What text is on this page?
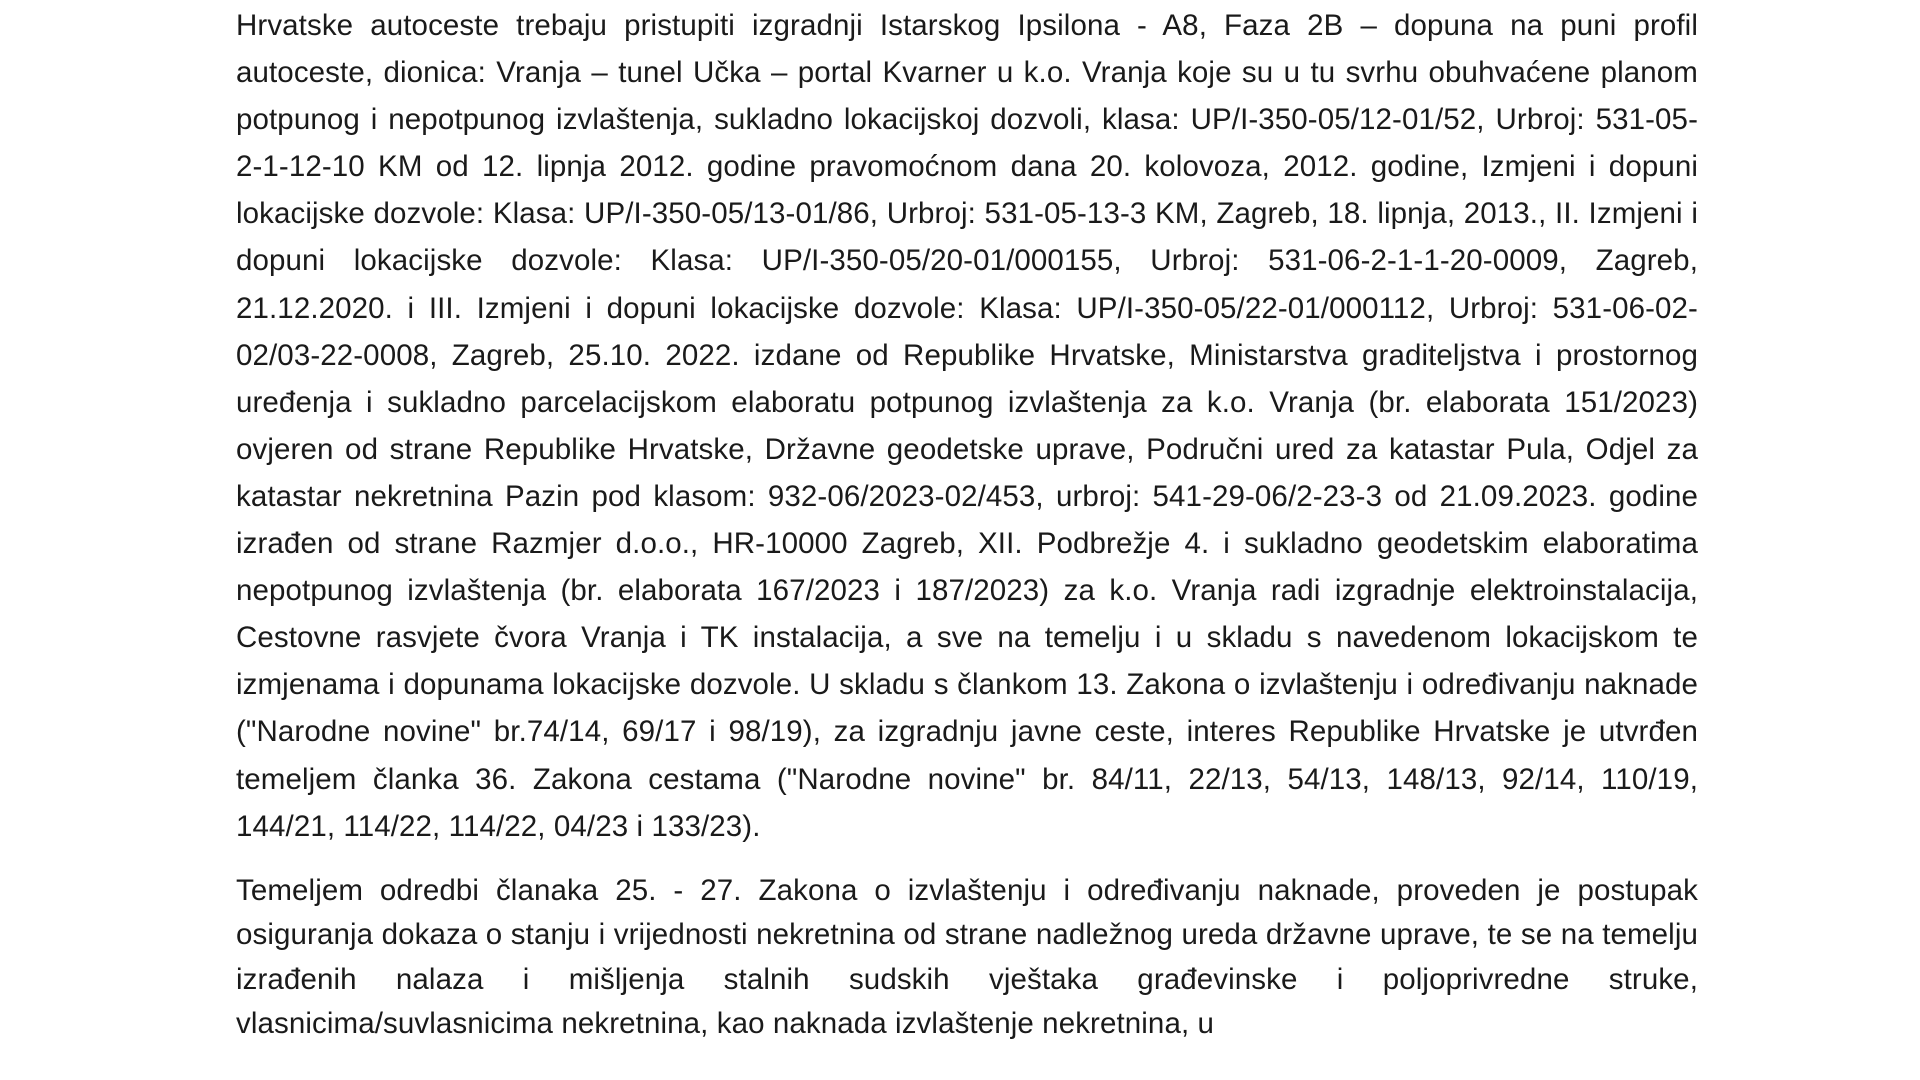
Hrvatske autoceste trebaju pristupiti izgradnji Istarskog Ipsilona - A8, Faza 2B – dopuna na puni profil autoceste, dionica: Vranja – tunel Učka – portal Kvarner u k.o. Vranja koje su u tu svrhu obuhvaćene planom potpunog i nepotpunog izvlaštenja, sukladno lokacijskoj dozvoli, klasa: UP/I-350-05/12-01/52, Urbroj: 531-05-2-1-12-10 KM od 12. lipnja 2012. godine pravomoćnom dana 20. kolovoza, 2012. godine, Izmjeni i dopuni lokacijske dozvole: Klasa: UP/I-350-05/13-01/86, Urbroj: 531-05-13-3 KM, Zagreb, 18. lipnja, 2013., II. Izmjeni i dopuni lokacijske dozvole: Klasa: UP/I-350-05/20-01/000155, Urbroj: 531-06-2-1-1-20-0009, Zagreb, 21.12.2020. i III. Izmjeni i dopuni lokacijske dozvole: Klasa: UP/I-350-05/22-01/000112, Urbroj: 531-06-02-02/03-22-0008, Zagreb, 25.10. 2022. izdane od Republike Hrvatske, Ministarstva graditeljstva i prostornog uređenja i sukladno parcelacijskom elaboratu potpunog izvlaštenja za k.o. Vranja (br. elaborata 151/2023) ovjeren od strane Republike Hrvatske, Državne geodetske uprave, Područni ured za katastar Pula, Odjel za katastar nekretnina Pazin pod klasom: 932-06/2023-02/453, urbroj: 541-29-06/2-23-3 od 21.09.2023. godine izrađen od strane Razmjer d.o.o., HR-10000 Zagreb, XII. Podbrežje 4. i sukladno geodetskim elaboratima nepotpunog izvlaštenja (br. elaborata 167/2023 i 187/2023) za k.o. Vranja radi izgradnje elektroinstalacija, Cestovne rasvjete čvora Vranja i TK instalacija, a sve na temelju i u skladu s navedenom lokacijskom te izmjenama i dopunama lokacijske dozvole. U skladu s člankom 13. Zakona o izvlaštenju i određivanju naknade ("Narodne novine" br.74/14, 69/17 i 98/19), za izgradnju javne ceste, interes Republike Hrvatske je utvrđen temeljem članka 36. Zakona cestama ("Narodne novine" br. 84/11, 22/13, 54/13, 148/13, 92/14, 110/19, 144/21, 114/22, 114/22, 04/23 i 133/23).

Temeljem odredbi članaka 25. - 27. Zakona o izvlaštenju i određivanju naknade, proveden je postupak osiguranja dokaza o stanju i vrijednosti nekretnina od strane nadležnog ureda državne uprave, te se na temelju izrađenih nalaza i mišljenja stalnih sudskih vještaka građevinske i poljoprivredne struke, vlasnicima/suvlasnicima nekretnina, kao naknada izvlaštenje nekretnina, u
